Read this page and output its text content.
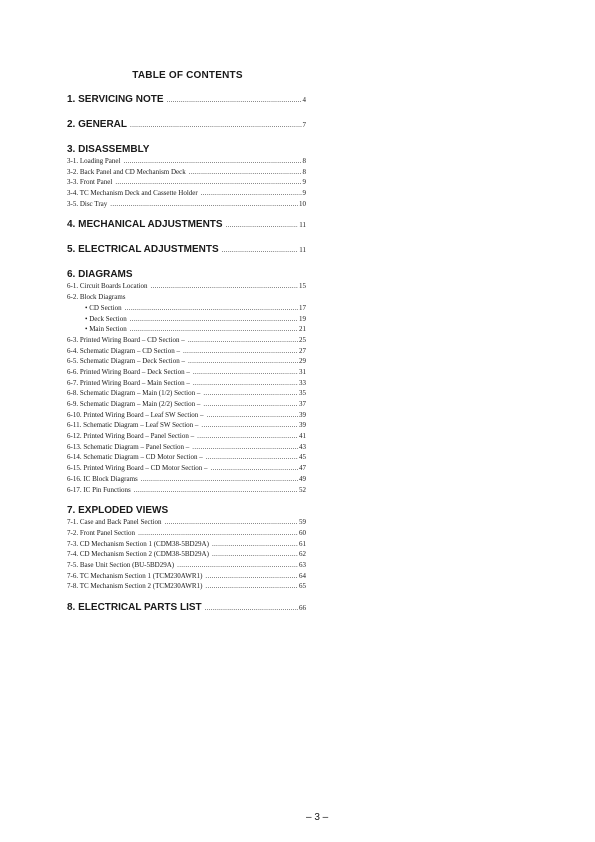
TABLE OF CONTENTS
1. SERVICING NOTE .....	4
2. GENERAL .....	7
3. DISASSEMBLY
3-1. Loading Panel .....	8
3-2. Back Panel and CD Mechanism Deck .....	8
3-3. Front Panel .....	9
3-4. TC Mechanism Deck and Cassette Holder .....	9
3-5. Disc Tray .....	10
4. MECHANICAL ADJUSTMENTS .....	11
5. ELECTRICAL ADJUSTMENTS .....	11
6. DIAGRAMS
6-1. Circuit Boards Location .....	15
6-2. Block Diagrams
• CD Section .....	17
• Deck Section .....	19
• Main Section .....	21
6-3. Printed Wiring Board – CD Section – .....	25
6-4. Schematic Diagram – CD Section – .....	27
6-5. Schematic Diagram – Deck Section – .....	29
6-6. Printed Wiring Board – Deck Section – .....	31
6-7. Printed Wiring Board – Main Section – .....	33
6-8. Schematic Diagram – Main (1/2) Section – .....	35
6-9. Schematic Diagram – Main (2/2) Section – .....	37
6-10. Printed Wiring Board – Leaf SW Section – .....	39
6-11. Schematic Diagram – Leaf SW Section – .....	39
6-12. Printed Wiring Board – Panel Section – .....	41
6-13. Schematic Diagram – Panel Section – .....	43
6-14. Schematic Diagram – CD Motor Section – .....	45
6-15. Printed Wiring Board – CD Motor Section – .....	47
6-16. IC Block Diagrams .....	49
6-17. IC Pin Functions .....	52
7. EXPLODED VIEWS
7-1. Case and Back Panel Section .....	59
7-2. Front Panel Section .....	60
7-3. CD Mechanism Section 1 (CDM38-5BD29A) .....	61
7-4. CD Mechanism Section 2 (CDM38-5BD29A) .....	62
7-5. Base Unit Section (BU-5BD29A) .....	63
7-6. TC Mechanism Section 1 (TCM230AWR1) .....	64
7-8. TC Mechanism Section 2 (TCM230AWR1) .....	65
8. ELECTRICAL PARTS LIST .....	66
– 3 –
